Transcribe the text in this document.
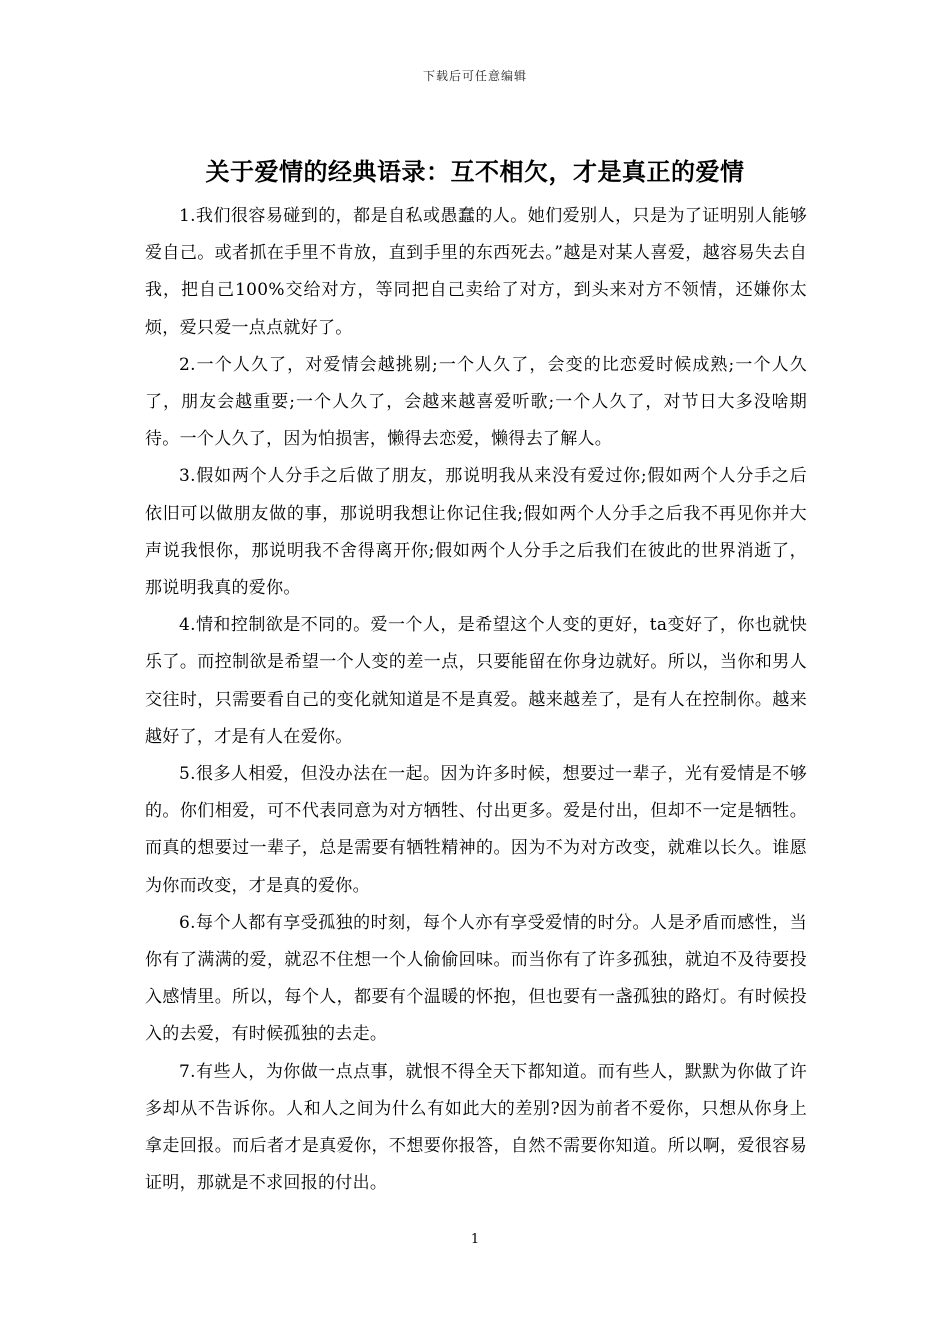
下载后可任意编辑
关于爱情的经典语录：互不相欠，才是真正的爱情

1.我们很容易碰到的，都是自私或愚蠢的人。她们爱别人，只是为了证明别人能够爱自己。或者抓在手里不肯放，直到手里的东西死去。”越是对某人喜爱，越容易失去自我，把自己100%交给对方，等同把自己卖给了对方，到头来对方不领情，还嫌你太烦，爱只爱一点点就好了。

2.一个人久了，对爱情会越挑剔;一个人久了，会变的比恋爱时候成熟;一个人久了，朋友会越重要;一个人久了，会越来越喜爱听歌;一个人久了，对节日大多没啥期待。一个人久了，因为怕损害，懒得去恋爱，懒得去了解人。

3.假如两个人分手之后做了朋友，那说明我从来没有爱过你;假如两个人分手之后依旧可以做朋友做的事，那说明我想让你记住我;假如两个人分手之后我不再见你并大声说我恨你，那说明我不舍得离开你;假如两个人分手之后我们在彼此的世界消逝了，那说明我真的爱你。

4.情和控制欲是不同的。爱一个人，是希望这个人变的更好，ta变好了，你也就快乐了。而控制欲是希望一个人变的差一点，只要能留在你身边就好。所以，当你和男人交往时，只需要看自己的变化就知道是不是真爱。越来越差了，是有人在控制你。越来越好了，才是有人在爱你。

5.很多人相爱，但没办法在一起。因为许多时候，想要过一辈子，光有爱情是不够的。你们相爱，可不代表同意为对方牺牲、付出更多。爱是付出，但却不一定是牺牲。而真的想要过一辈子，总是需要有牺牲精神的。因为不为对方改变，就难以长久。谁愿为你而改变，才是真的爱你。

6.每个人都有享受孤独的时刻，每个人亦有享受爱情的时分。人是矛盾而感性，当你有了满满的爱，就忍不住想一个人偷偷回味。而当你有了许多孤独，就迫不及待要投入感情里。所以，每个人，都要有个温暖的怀抱，但也要有一盏孤独的路灯。有时候投入的去爱，有时候孤独的去走。

7.有些人，为你做一点点事，就恨不得全天下都知道。而有些人，默默为你做了许多却从不告诉你。人和人之间为什么有如此大的差别?因为前者不爱你，只想从你身上拿走回报。而后者才是真爱你，不想要你报答，自然不需要你知道。所以啊，爱很容易证明，那就是不求回报的付出。

1
